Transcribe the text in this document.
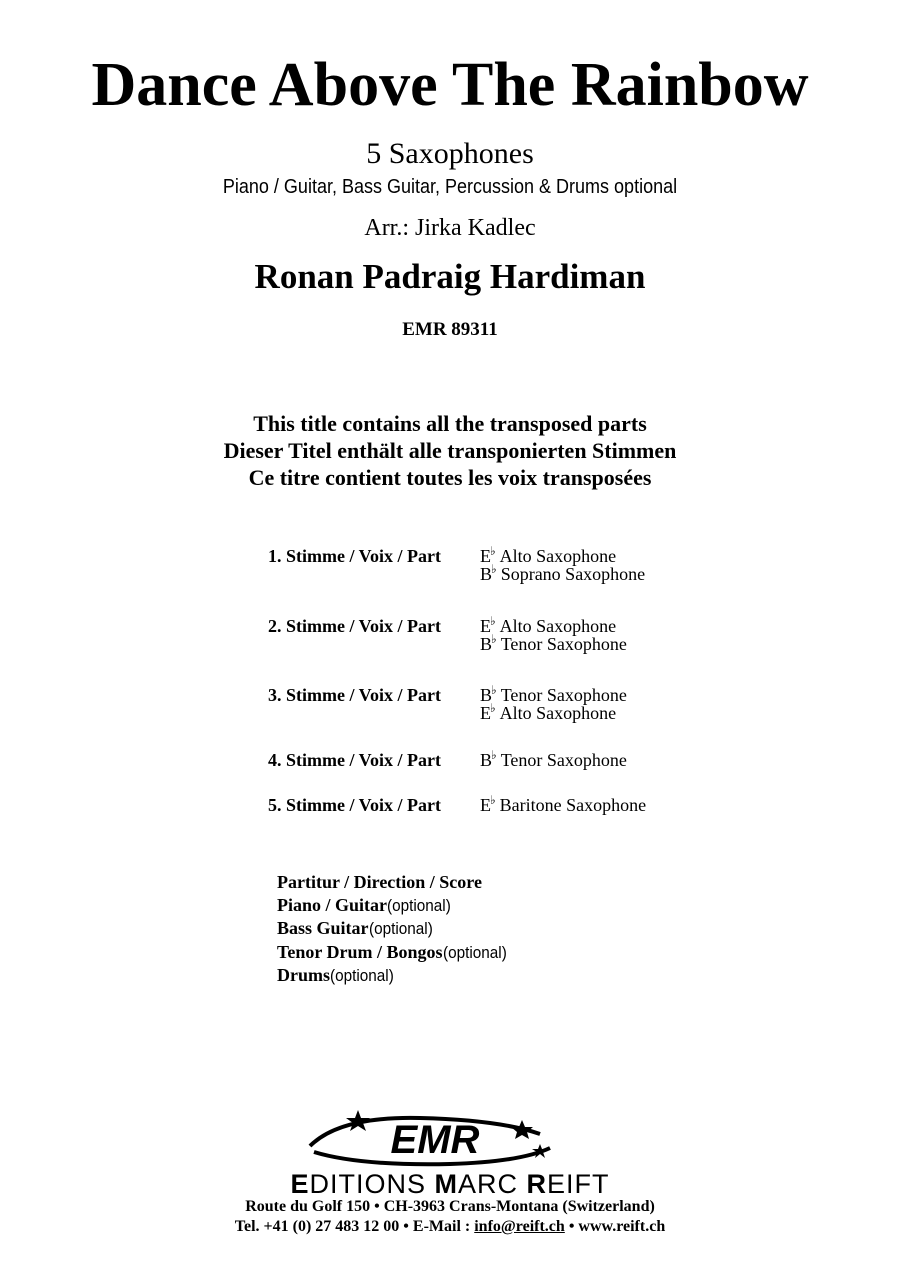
Dance Above The Rainbow
5 Saxophones
Piano / Guitar, Bass Guitar, Percussion & Drums optional
Arr.: Jirka Kadlec
Ronan Padraig Hardiman
EMR 89311
This title contains all the transposed parts
Dieser Titel enthält alle transponierten Stimmen
Ce titre contient toutes les voix transposées
1. Stimme / Voix / Part E♭ Alto Saxophone
B♭ Soprano Saxophone
2. Stimme / Voix / Part E♭ Alto Saxophone
B♭ Tenor Saxophone
3. Stimme / Voix / Part B♭ Tenor Saxophone
E♭ Alto Saxophone
4. Stimme / Voix / Part B♭ Tenor Saxophone
5. Stimme / Voix / Part E♭ Baritone Saxophone
Partitur / Direction / Score
Piano / Guitar(optional)
Bass Guitar(optional)
Tenor Drum / Bongos(optional)
Drums(optional)
EMR
EDITIONS MARC REIFT
Route du Golf 150 • CH-3963 Crans-Montana (Switzerland)
Tel. +41 (0) 27 483 12 00 • E-Mail : info@reift.ch • www.reift.ch
